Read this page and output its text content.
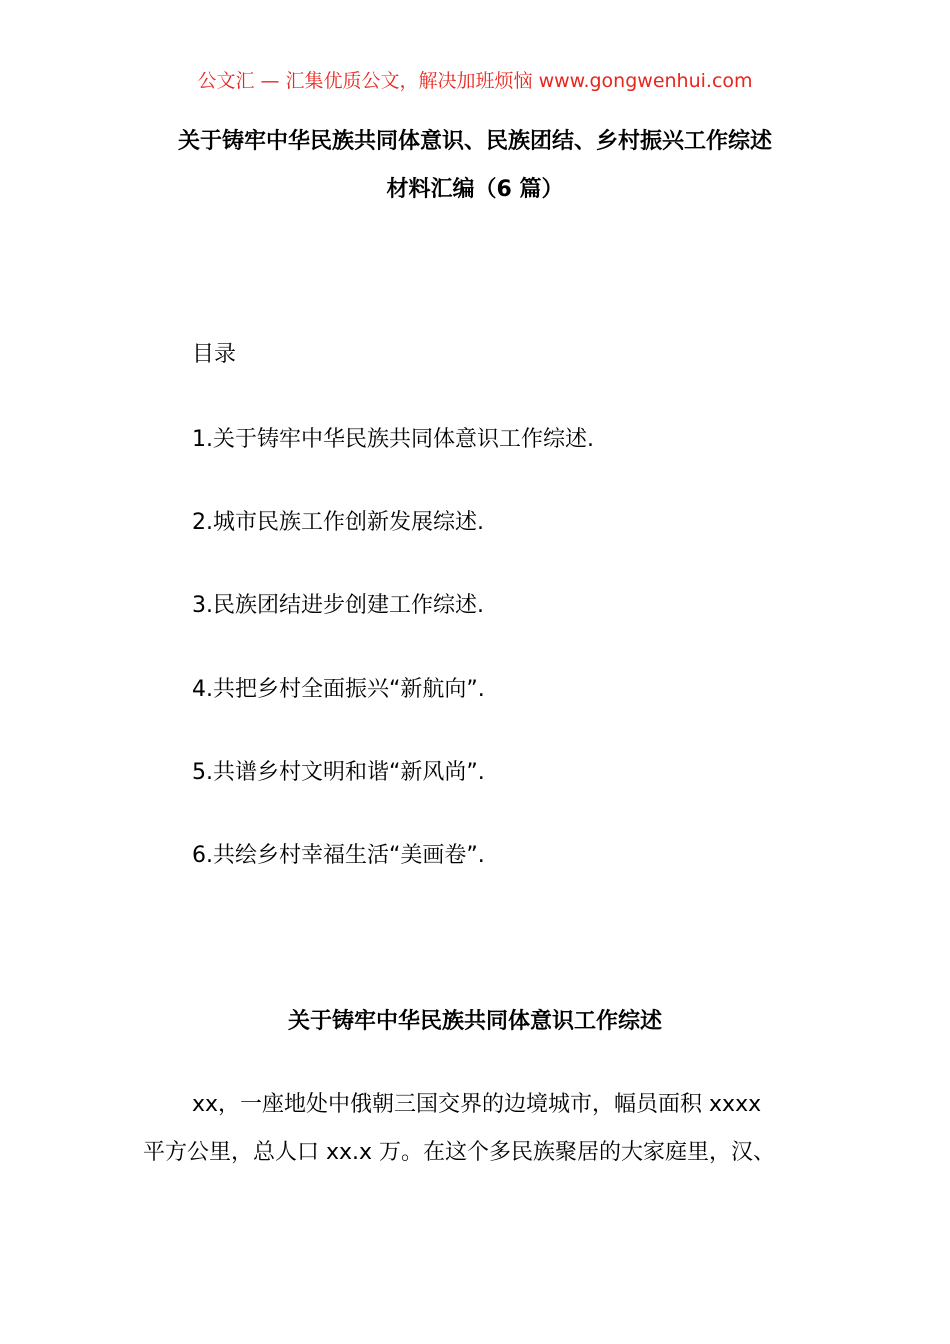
公文汇 — 汇集优质公文，解决加班烦恼 www.gongwenhui.com
关于铸牢中华民族共同体意识、民族团结、乡村振兴工作综述
材料汇编（6 篇）
目录
1.关于铸牢中华民族共同体意识工作综述.
2.城市民族工作创新发展综述.
3.民族团结进步创建工作综述.
4.共把乡村全面振兴“新航向”.
5.共谱乡村文明和谐“新风尚”.
6.共绘乡村幸福生活“美画卷”.
关于铸牢中华民族共同体意识工作综述
xx，一座地处中俄朝三国交界的边境城市，幅员面积 xxxx
平方公里，总人口 xx.x 万。在这个多民族聚居的大家庭里，汉、
